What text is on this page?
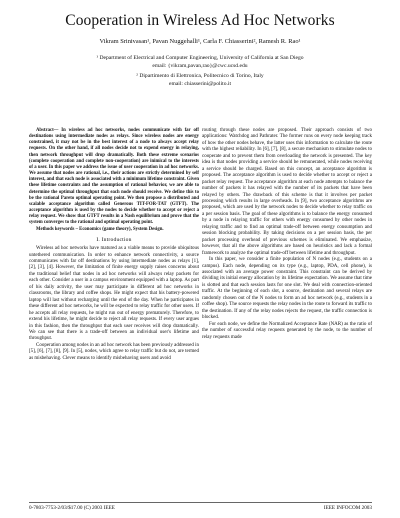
Cooperation in Wireless Ad Hoc Networks
Vikram Srinivasan¹, Pavan Nuggehalli¹, Carla F. Chiasserini², Ramesh R. Rao¹
¹ Department of Electrical and Computer Engineering, University of California at San Diego
email: {vikram,pavan,rao}@cwc.ucsd.edu
² Dipartimento di Elettronica, Politecnico di Torino, Italy
email: chiasserini@polito.it

Abstract— In wireless ad hoc networks, nodes communicate with far off destinations using intermediate nodes as relays. Since wireless nodes are energy constrained, it may not be in the best interest of a node to always accept relay requests. On the other hand, if all nodes decide not to expend energy in relaying, then network throughput will drop dramatically. Both these extreme scenarios (complete cooperation and complete non-cooperation) are inimical to the interests of a user. In this paper we address the issue of user cooperation in ad hoc networks. We assume that nodes are rational, i.e., their actions are strictly determined by self interest, and that each node is associated with a minimum lifetime constraint. Given these lifetime constraints and the assumption of rational behavior, we are able to determine the optimal throughput that each node should receive. We define this to be the rational Pareto optimal operating point. We then propose a distributed and scalable acceptance algorithm called Generous TIT-FOR-TAT (GTFT). The acceptance algorithm is used by the nodes to decide whether to accept or reject a relay request. We show that GTFT results in a Nash equilibrium and prove that the system converges to the rational and optimal operating point.

Methods keywords – Economics (game theory), System Design.

I. Introduction

Wireless ad hoc networks have matured as a viable means to provide ubiquitous untethered communication. In order to enhance network connectivity, a source communicates with far off destinations by using intermediate nodes as relays [1], [2], [3], [4]. However, the limitation of finite energy supply raises concerns about the traditional belief that nodes in ad hoc networks will always relay packets for each other. Consider a user in a campus environment equipped with a laptop. As part of his daily activity, the user may participate in different ad hoc networks in classrooms, the library and coffee shops. He might expect that his battery-powered laptop will last without recharging until the end of the day. When he participates in these different ad hoc networks, he will be expected to relay traffic for other users. If he accepts all relay requests, he might run out of energy prematurely. Therefore, to extend his lifetime, he might decide to reject all relay requests. If every user argues in this fashion, then the throughput that each user receives will drop dramatically. We can see that there is a trade-off between an individual user's lifetime and throughput.

Cooperation among nodes in an ad hoc network has been previously addressed in [5], [6], [7], [8], [9]. In [5], nodes, which agree to relay traffic but do not, are termed as misbehaving. Clever means to identify misbehaving users and avoid

routing through these nodes are proposed. Their approach consists of two applications: Watchdog and Pathrater. The former runs on every node keeping track of how the other nodes behave, the latter uses this information to calculate the route with the highest reliability. In [6], [7], [8], a secure mechanism to stimulate nodes to cooperate and to prevent them from overloading the network is presented. The key idea is that nodes providing a service should be remunerated, while nodes receiving a service should be charged. Based on this concept, an acceptance algorithm is proposed. The acceptance algorithm is used to decide whether to accept or reject a packet relay request. The acceptance algorithm at each node attempts to balance the number of packets it has relayed with the number of its packets that have been relayed by others. The drawback of this scheme is that it involves per packet processing which results in large overheads. In [9], two acceptance algorithms are proposed, which are used by the network nodes to decide whether to relay traffic on a per session basis. The goal of these algorithms is to balance the energy consumed by a node in relaying traffic for others with energy consumed by other nodes in relaying traffic and to find an optimal trade-off between energy consumption and session blocking probability. By taking decisions on a per session basis, the per packet processing overhead of previous schemes is eliminated. We emphasize, however, that all the above algorithms are based on heuristics and lack a formal framework to analyze the optimal trade-off between lifetime and throughput.

In this paper, we consider a finite population of N nodes (e.g., students on a campus). Each node, depending on its type (e.g., laptop, PDA, cell phone), is associated with an average power constraint. This constraint can be derived by dividing its initial energy allocation by its lifetime expectation. We assume that time is slotted and that each session lasts for one slot. We deal with connection-oriented traffic. At the beginning of each slot, a source, destination and several relays are randomly chosen out of the N nodes to form an ad hoc network (e.g., students in a coffee shop). The source requests the relay nodes in the route to forward its traffic to the destination. If any of the relay nodes rejects the request, the traffic connection is blocked.

For each node, we define the Normalized Acceptance Rate (NAR) as the ratio of the number of successful relay requests generated by the node, to the number of relay requests made

0-7803-7753-2/03/$17.00 (C) 2003 IEEE	IEEE INFOCOM 2003
